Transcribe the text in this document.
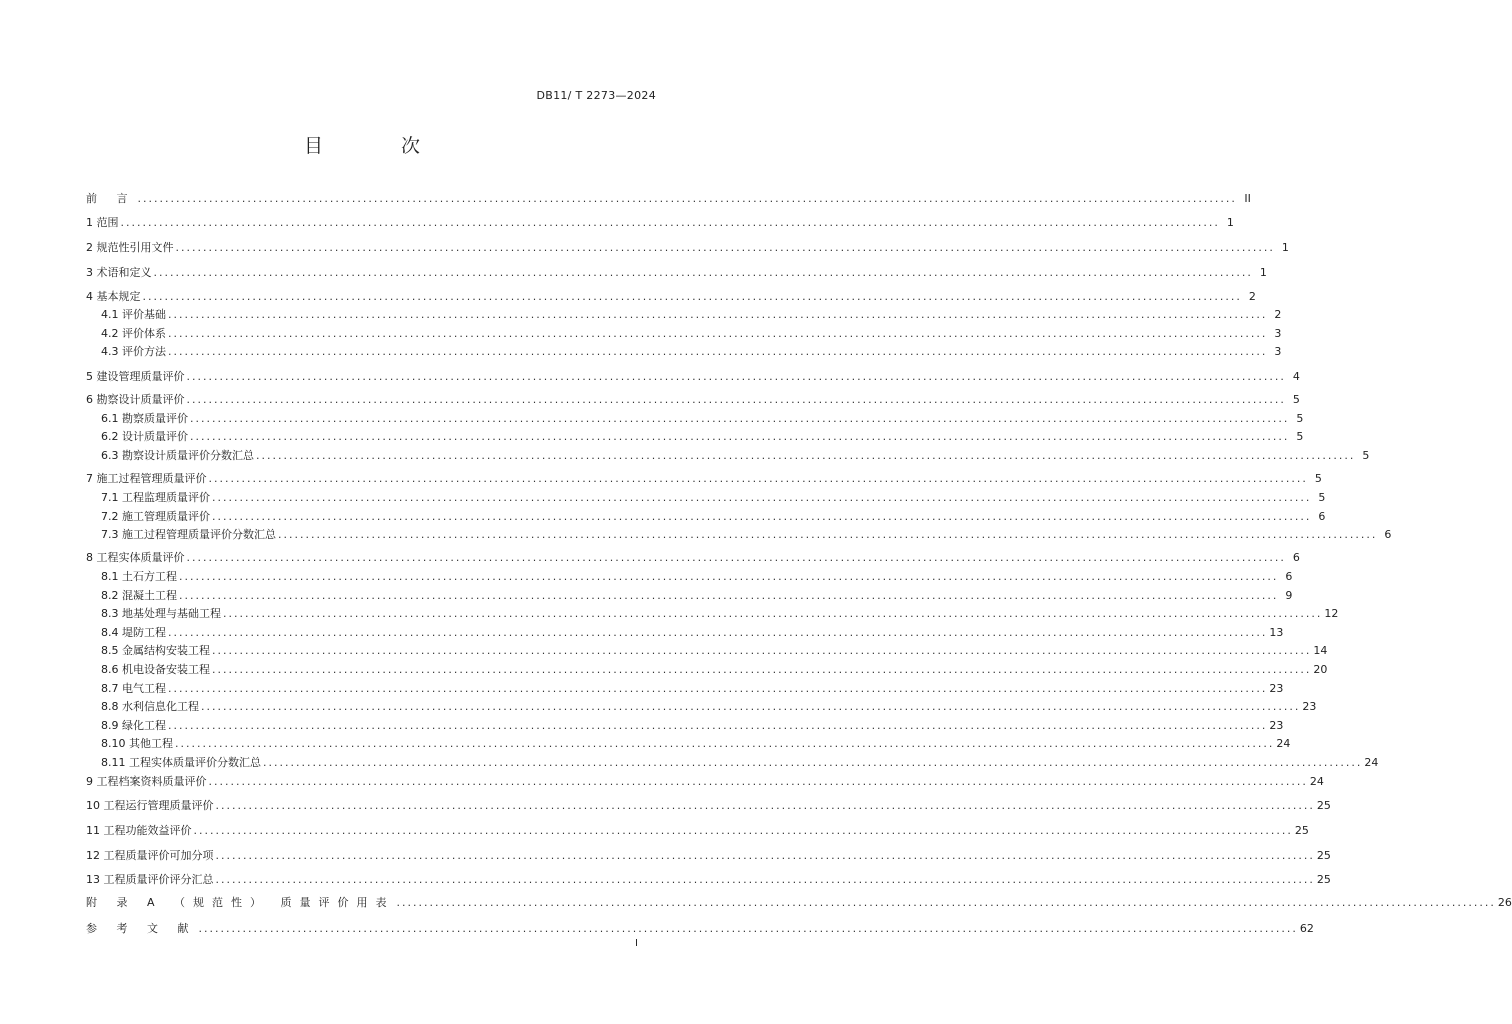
DB11/ T 2273—2024
目 次
前 言 ........................................................................................................................................................................................................ II
1 范围 ........................................................................................................................................................................................................ 1
2 规范性引用文件 ........................................................................................................................................................................................................ 1
3 术语和定义 ........................................................................................................................................................................................................ 1
4 基本规定 ........................................................................................................................................................................................................ 2
4.1 评价基础 ........................................................................................................................................................................................................ 2
4.2 评价体系 ........................................................................................................................................................................................................ 3
4.3 评价方法 ........................................................................................................................................................................................................ 3
5 建设管理质量评价 ........................................................................................................................................................................................................ 4
6 勘察设计质量评价 ........................................................................................................................................................................................................ 5
6.1 勘察质量评价 ........................................................................................................................................................................................................ 5
6.2 设计质量评价 ........................................................................................................................................................................................................ 5
6.3 勘察设计质量评价分数汇总 ........................................................................................................................................................................................................ 5
7 施工过程管理质量评价 ........................................................................................................................................................................................................ 5
7.1 工程监理质量评价 ........................................................................................................................................................................................................ 5
7.2 施工管理质量评价 ........................................................................................................................................................................................................ 6
7.3 施工过程管理质量评价分数汇总 ........................................................................................................................................................................................................ 6
8 工程实体质量评价 ........................................................................................................................................................................................................ 6
8.1 土石方工程 ........................................................................................................................................................................................................ 6
8.2 混凝土工程 ........................................................................................................................................................................................................ 9
8.3 地基处理与基础工程 ........................................................................................................................................................................................................ 12
8.4 堤防工程 ........................................................................................................................................................................................................ 13
8.5 金属结构安装工程 ........................................................................................................................................................................................................ 14
8.6 机电设备安装工程 ........................................................................................................................................................................................................ 20
8.7 电气工程 ........................................................................................................................................................................................................ 23
8.8 水利信息化工程 ........................................................................................................................................................................................................ 23
8.9 绿化工程 ........................................................................................................................................................................................................ 23
8.10 其他工程 ........................................................................................................................................................................................................ 24
8.11 工程实体质量评价分数汇总 ........................................................................................................................................................................................................ 24
9 工程档案资料质量评价 ........................................................................................................................................................................................................ 24
10 工程运行管理质量评价 ........................................................................................................................................................................................................ 25
11 工程功能效益评价 ........................................................................................................................................................................................................ 25
12 工程质量评价可加分项 ........................................................................................................................................................................................................ 25
13 工程质量评价评分汇总 ........................................................................................................................................................................................................ 25
附 录 A （规范性） 质量评价用表 ........................................................................................................................................................................................................ 26
参 考 文 献 ........................................................................................................................................................................................................ 62
I
